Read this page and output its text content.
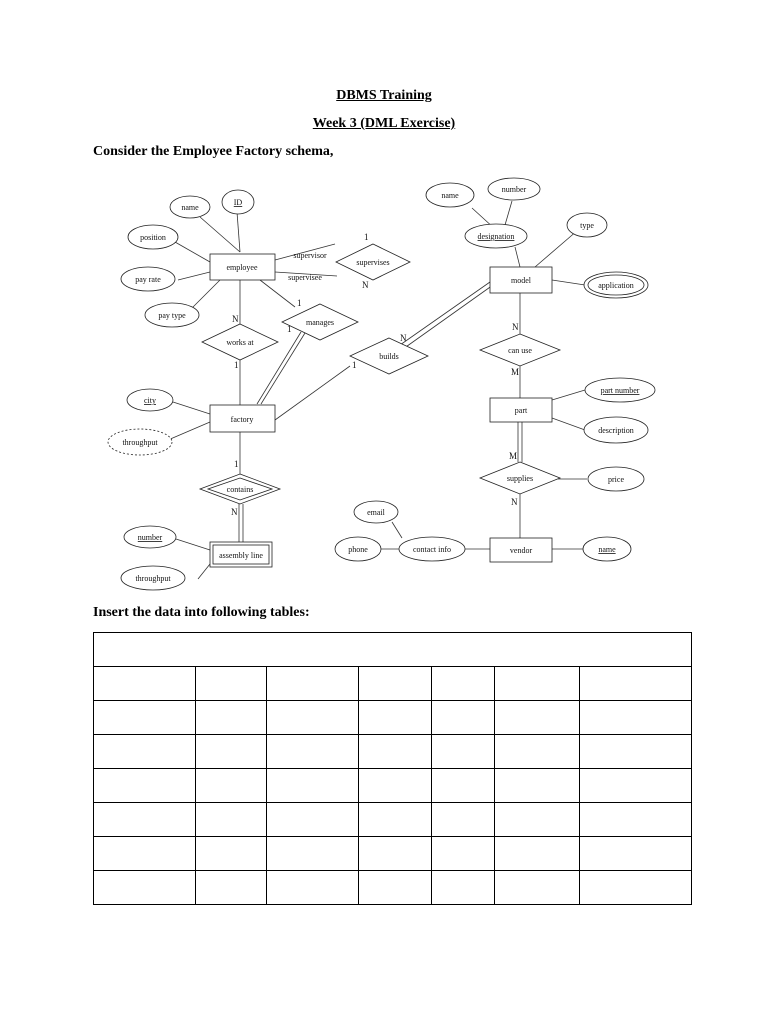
DBMS Training
Week 3 (DML Exercise)
Consider the Employee Factory schema,
supervises
works at
manages
contains
builds
can use
supplies
employee
factory
assembly line
model
part
vendor
name
ID
position
pay rate
pay type
city
throughput
number
throughput
name
number
designation
type
application
part number
description
price
email
phone	contact info	name
supervisor
supervisee
1
N
N
1
1
1
1
N
1
N
N
M
M
N
Insert the data into following tables:
